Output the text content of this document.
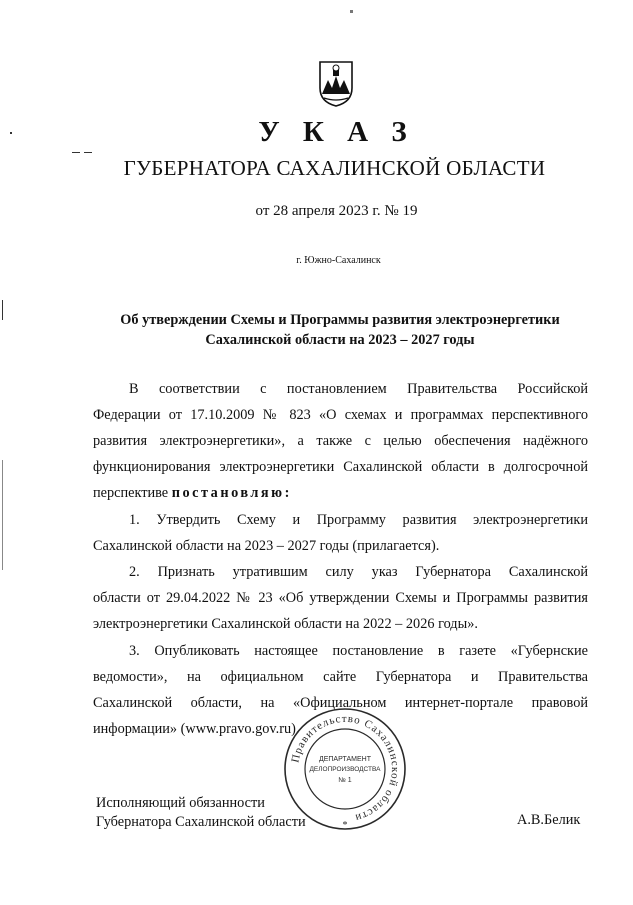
У К А З
ГУБЕРНАТОРА САХАЛИНСКОЙ ОБЛАСТИ
от 28 апреля 2023 г. № 19
г. Южно-Сахалинск
Об утверждении Схемы и Программы развития электроэнергетики
Сахалинской области на 2023 – 2027 годы
В соответствии с постановлением Правительства Российской
Федерации от 17.10.2009 № 823 «О схемах и программах перспективного
развития электроэнергетики», а также с целью обеспечения надёжного
функционирования электроэнергетики Сахалинской области в долгосрочной
перспективе постановляю:
1. Утвердить Схему и Программу развития электроэнергетики
Сахалинской области на 2023 – 2027 годы (прилагается).
2. Признать утратившим силу указ Губернатора Сахалинской
области от 29.04.2022 № 23 «Об утверждении Схемы и Программы развития
электроэнергетики Сахалинской области на 2022 – 2026 годы».
3. Опубликовать настоящее постановление в газете «Губернские
ведомости», на официальном сайте Губернатора и Правительства
Сахалинской области, на «Официальном интернет-портале правовой
информации» (www.pravo.gov.ru).
Исполняющий обязанности
Губернатора Сахалинской области	А.В.Белик
Правительство Сахалинской области
ДЕПАРТАМЕНТ
ДЕЛОПРОИЗВОДСТВА
№ 1
*
